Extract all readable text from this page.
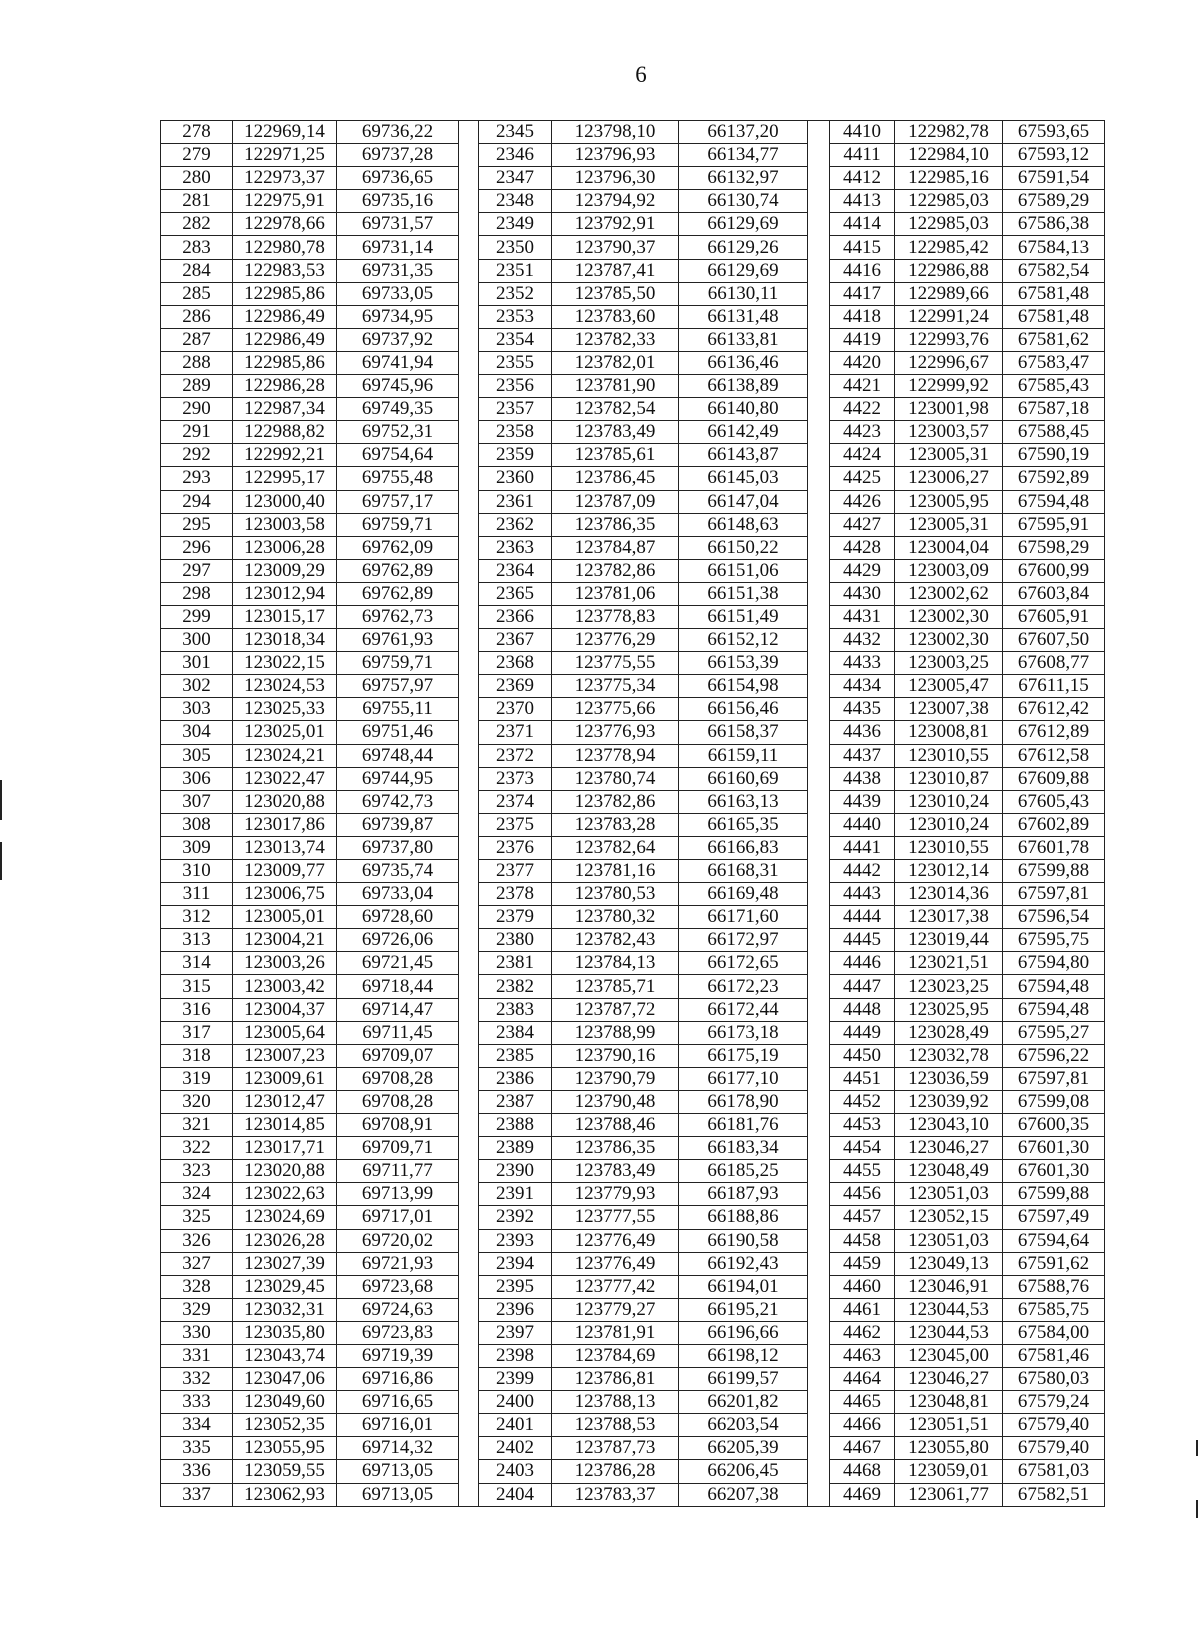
6
278	122969,14	69736,22		2345	123798,10	66137,20		4410	122982,78	67593,65
279	122971,25	69737,28		2346	123796,93	66134,77		4411	122984,10	67593,12
280	122973,37	69736,65		2347	123796,30	66132,97		4412	122985,16	67591,54
281	122975,91	69735,16		2348	123794,92	66130,74		4413	122985,03	67589,29
282	122978,66	69731,57		2349	123792,91	66129,69		4414	122985,03	67586,38
283	122980,78	69731,14		2350	123790,37	66129,26		4415	122985,42	67584,13
284	122983,53	69731,35		2351	123787,41	66129,69		4416	122986,88	67582,54
285	122985,86	69733,05		2352	123785,50	66130,11		4417	122989,66	67581,48
286	122986,49	69734,95		2353	123783,60	66131,48		4418	122991,24	67581,48
287	122986,49	69737,92		2354	123782,33	66133,81		4419	122993,76	67581,62
288	122985,86	69741,94		2355	123782,01	66136,46		4420	122996,67	67583,47
289	122986,28	69745,96		2356	123781,90	66138,89		4421	122999,92	67585,43
290	122987,34	69749,35		2357	123782,54	66140,80		4422	123001,98	67587,18
291	122988,82	69752,31		2358	123783,49	66142,49		4423	123003,57	67588,45
292	122992,21	69754,64		2359	123785,61	66143,87		4424	123005,31	67590,19
293	122995,17	69755,48		2360	123786,45	66145,03		4425	123006,27	67592,89
294	123000,40	69757,17		2361	123787,09	66147,04		4426	123005,95	67594,48
295	123003,58	69759,71		2362	123786,35	66148,63		4427	123005,31	67595,91
296	123006,28	69762,09		2363	123784,87	66150,22		4428	123004,04	67598,29
297	123009,29	69762,89		2364	123782,86	66151,06		4429	123003,09	67600,99
298	123012,94	69762,89		2365	123781,06	66151,38		4430	123002,62	67603,84
299	123015,17	69762,73		2366	123778,83	66151,49		4431	123002,30	67605,91
300	123018,34	69761,93		2367	123776,29	66152,12		4432	123002,30	67607,50
301	123022,15	69759,71		2368	123775,55	66153,39		4433	123003,25	67608,77
302	123024,53	69757,97		2369	123775,34	66154,98		4434	123005,47	67611,15
303	123025,33	69755,11		2370	123775,66	66156,46		4435	123007,38	67612,42
304	123025,01	69751,46		2371	123776,93	66158,37		4436	123008,81	67612,89
305	123024,21	69748,44		2372	123778,94	66159,11		4437	123010,55	67612,58
306	123022,47	69744,95		2373	123780,74	66160,69		4438	123010,87	67609,88
307	123020,88	69742,73		2374	123782,86	66163,13		4439	123010,24	67605,43
308	123017,86	69739,87		2375	123783,28	66165,35		4440	123010,24	67602,89
309	123013,74	69737,80		2376	123782,64	66166,83		4441	123010,55	67601,78
310	123009,77	69735,74		2377	123781,16	66168,31		4442	123012,14	67599,88
311	123006,75	69733,04		2378	123780,53	66169,48		4443	123014,36	67597,81
312	123005,01	69728,60		2379	123780,32	66171,60		4444	123017,38	67596,54
313	123004,21	69726,06		2380	123782,43	66172,97		4445	123019,44	67595,75
314	123003,26	69721,45		2381	123784,13	66172,65		4446	123021,51	67594,80
315	123003,42	69718,44		2382	123785,71	66172,23		4447	123023,25	67594,48
316	123004,37	69714,47		2383	123787,72	66172,44		4448	123025,95	67594,48
317	123005,64	69711,45		2384	123788,99	66173,18		4449	123028,49	67595,27
318	123007,23	69709,07		2385	123790,16	66175,19		4450	123032,78	67596,22
319	123009,61	69708,28		2386	123790,79	66177,10		4451	123036,59	67597,81
320	123012,47	69708,28		2387	123790,48	66178,90		4452	123039,92	67599,08
321	123014,85	69708,91		2388	123788,46	66181,76		4453	123043,10	67600,35
322	123017,71	69709,71		2389	123786,35	66183,34		4454	123046,27	67601,30
323	123020,88	69711,77		2390	123783,49	66185,25		4455	123048,49	67601,30
324	123022,63	69713,99		2391	123779,93	66187,93		4456	123051,03	67599,88
325	123024,69	69717,01		2392	123777,55	66188,86		4457	123052,15	67597,49
326	123026,28	69720,02		2393	123776,49	66190,58		4458	123051,03	67594,64
327	123027,39	69721,93		2394	123776,49	66192,43		4459	123049,13	67591,62
328	123029,45	69723,68		2395	123777,42	66194,01		4460	123046,91	67588,76
329	123032,31	69724,63		2396	123779,27	66195,21		4461	123044,53	67585,75
330	123035,80	69723,83		2397	123781,91	66196,66		4462	123044,53	67584,00
331	123043,74	69719,39		2398	123784,69	66198,12		4463	123045,00	67581,46
332	123047,06	69716,86		2399	123786,81	66199,57		4464	123046,27	67580,03
333	123049,60	69716,65		2400	123788,13	66201,82		4465	123048,81	67579,24
334	123052,35	69716,01		2401	123788,53	66203,54		4466	123051,51	67579,40
335	123055,95	69714,32		2402	123787,73	66205,39		4467	123055,80	67579,40
336	123059,55	69713,05		2403	123786,28	66206,45		4468	123059,01	67581,03
337	123062,93	69713,05		2404	123783,37	66207,38		4469	123061,77	67582,51
